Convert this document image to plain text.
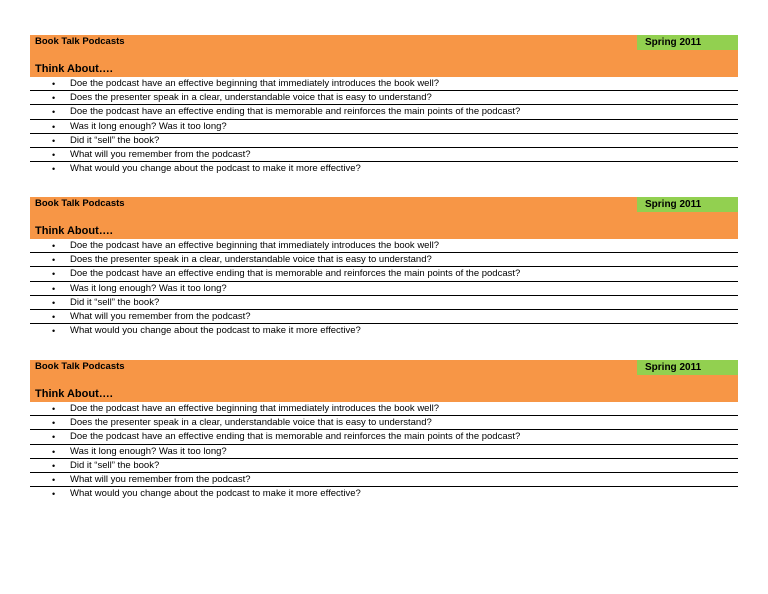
Book Talk Podcasts	Spring 2011
Think About….
• Doe the podcast have an effective beginning that immediately introduces the book well?
• Does the presenter speak in a clear, understandable voice that is easy to understand?
• Doe the podcast have an effective ending that is memorable and reinforces the main points of the podcast?
• Was it long enough? Was it too long?
• Did it “sell” the book?
• What will you remember from the podcast?
• What would you change about the podcast to make it more effective?
Book Talk Podcasts	Spring 2011
Think About….
• Doe the podcast have an effective beginning that immediately introduces the book well?
• Does the presenter speak in a clear, understandable voice that is easy to understand?
• Doe the podcast have an effective ending that is memorable and reinforces the main points of the podcast?
• Was it long enough? Was it too long?
• Did it “sell” the book?
• What will you remember from the podcast?
• What would you change about the podcast to make it more effective?
Book Talk Podcasts	Spring 2011
Think About….
• Doe the podcast have an effective beginning that immediately introduces the book well?
• Does the presenter speak in a clear, understandable voice that is easy to understand?
• Doe the podcast have an effective ending that is memorable and reinforces the main points of the podcast?
• Was it long enough? Was it too long?
• Did it “sell” the book?
• What will you remember from the podcast?
• What would you change about the podcast to make it more effective?
